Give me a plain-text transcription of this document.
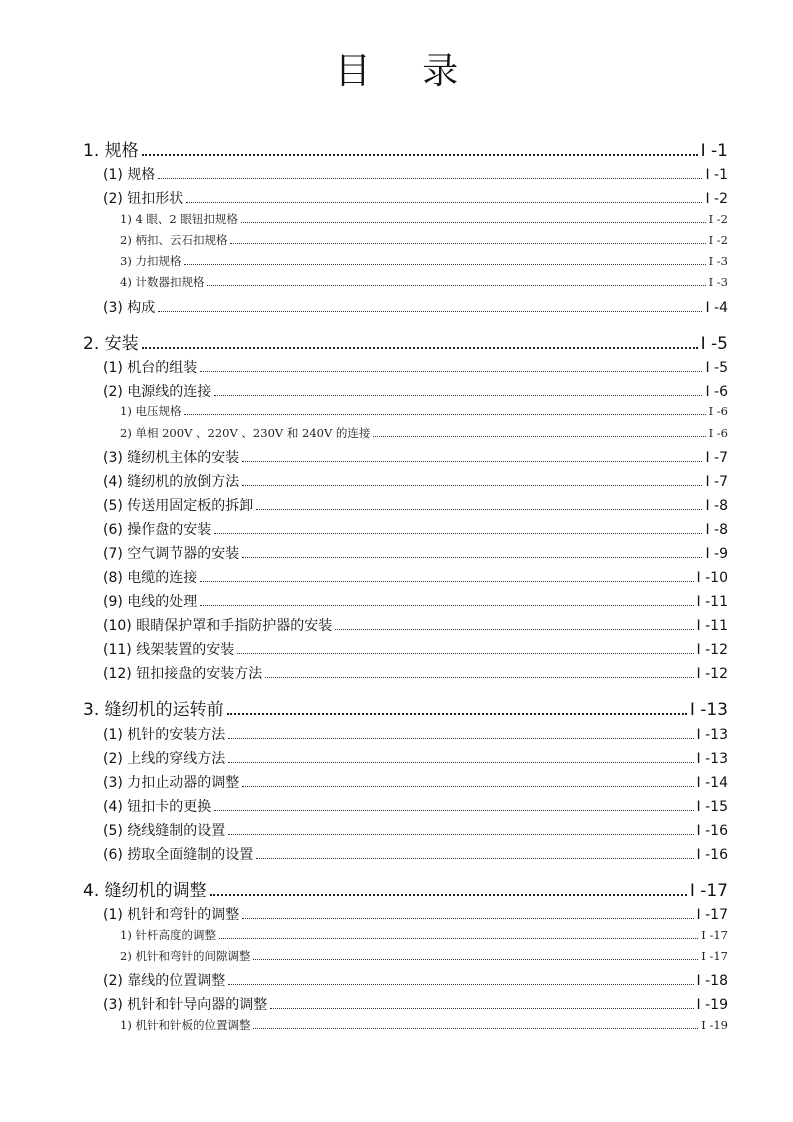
目 录
1. 规格	Ⅰ -1
(1) 规格	Ⅰ -1
(2) 钮扣形状	Ⅰ -2
1) 4 眼、2 眼钮扣规格	Ⅰ -2
2) 柄扣、云石扣规格	Ⅰ -2
3) 力扣规格	Ⅰ -3
4) 计数器扣规格	Ⅰ -3
(3) 构成	Ⅰ -4
2. 安装	Ⅰ -5
(1) 机台的组装	Ⅰ -5
(2) 电源线的连接	Ⅰ -6
1) 电压规格	Ⅰ -6
2) 单相 200V 、220V 、230V 和 240V 的连接	Ⅰ -6
(3) 缝纫机主体的安装	Ⅰ -7
(4) 缝纫机的放倒方法	Ⅰ -7
(5) 传送用固定板的拆卸	Ⅰ -8
(6) 操作盘的安装	Ⅰ -8
(7) 空气调节器的安装	Ⅰ -9
(8) 电缆的连接	Ⅰ -10
(9) 电线的处理	Ⅰ -11
(10) 眼睛保护罩和手指防护器的安装	Ⅰ -11
(11) 线架装置的安装	Ⅰ -12
(12) 钮扣接盘的安装方法	Ⅰ -12
3. 缝纫机的运转前	Ⅰ -13
(1) 机针的安装方法	Ⅰ -13
(2) 上线的穿线方法	Ⅰ -13
(3) 力扣止动器的调整	Ⅰ -14
(4) 钮扣卡的更换	Ⅰ -15
(5) 绕线缝制的设置	Ⅰ -16
(6) 捞取全面缝制的设置	Ⅰ -16
4. 缝纫机的调整	Ⅰ -17
(1) 机针和弯针的调整	Ⅰ -17
1) 针杆高度的调整	Ⅰ -17
2) 机针和弯针的间隙调整	Ⅰ -17
(2) 靠线的位置调整	Ⅰ -18
(3) 机针和针导向器的调整	Ⅰ -19
1) 机针和针板的位置调整	Ⅰ -19
